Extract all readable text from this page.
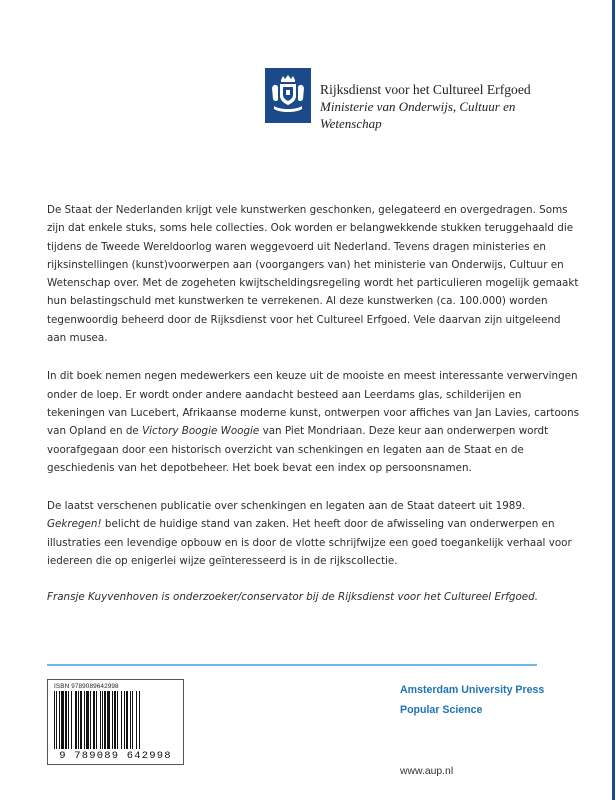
Rijksdienst voor het Cultureel Erfgoed
Ministerie van Onderwijs, Cultuur en
Wetenschap

De Staat der Nederlanden krijgt vele kunstwerken geschonken, gelegateerd en overgedragen. Soms zijn dat enkele stuks, soms hele collecties. Ook worden er belangwekkende stukken teruggehaald die tijdens de Tweede Wereldoorlog waren weggevoerd uit Nederland. Tevens dragen ministeries en rijksinstellingen (kunst)voorwerpen aan (voorgangers van) het ministerie van Onderwijs, Cultuur en Wetenschap over. Met de zogeheten kwijtscheldingsregeling wordt het particulieren mogelijk gemaakt hun belastingschuld met kunstwerken te verrekenen. Al deze kunstwerken (ca. 100.000) worden tegenwoordig beheerd door de Rijksdienst voor het Cultureel Erfgoed. Vele daarvan zijn uitgeleend aan musea.

In dit boek nemen negen medewerkers een keuze uit de mooiste en meest interessante verwervingen onder de loep. Er wordt onder andere aandacht besteed aan Leerdams glas, schilderijen en tekeningen van Lucebert, Afrikaanse moderne kunst, ontwerpen voor affiches van Jan Lavies, cartoons van Opland en de Victory Boogie Woogie van Piet Mondriaan. Deze keur aan onderwerpen wordt voorafgegaan door een historisch overzicht van schenkingen en legaten aan de Staat en de geschiedenis van het depotbeheer. Het boek bevat een index op persoonsnamen.

De laatst verschenen publicatie over schenkingen en legaten aan de Staat dateert uit 1989. Gekregen! belicht de huidige stand van zaken. Het heeft door de afwisseling van onderwerpen en illustraties een levendige opbouw en is door de vlotte schrijfwijze een goed toegankelijk verhaal voor iedereen die op enigerlei wijze geïnteresseerd is in de rijkscollectie.

Fransje Kuyvenhoven is onderzoeker/conservator bij de Rijksdienst voor het Cultureel Erfgoed.

ISBN 9789089642998
9 789089 642998
Amsterdam University Press
Popular Science
www.aup.nl
